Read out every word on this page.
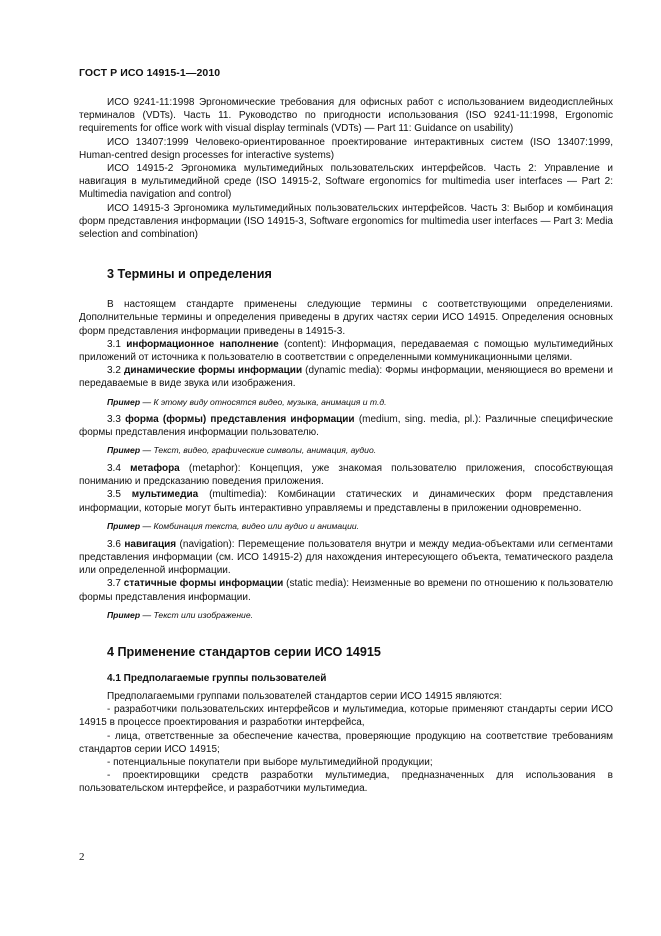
ГОСТ Р ИСО 14915-1—2010

ИСО 9241-11:1998 Эргономические требования для офисных работ с использованием видеодисплейных терминалов (VDTs). Часть 11. Руководство по пригодности использования (ISO 9241-11:1998, Ergonomic requirements for office work with visual display terminals (VDTs) — Part 11: Guidance on usability)

ИСО 13407:1999 Человеко-ориентированное проектирование интерактивных систем (ISO 13407:1999, Human-centred design processes for interactive systems)

ИСО 14915-2 Эргономика мультимедийных пользовательских интерфейсов. Часть 2: Управление и навигация в мультимедийной среде (ISO 14915-2, Software ergonomics for multimedia user interfaces — Part 2: Multimedia navigation and control)

ИСО 14915-3 Эргономика мультимедийных пользовательских интерфейсов. Часть 3: Выбор и комбинация форм представления информации (ISO 14915-3, Software ergonomics for multimedia user interfaces — Part 3: Media selection and combination)

3 Термины и определения

В настоящем стандарте применены следующие термины с соответствующими определениями. Дополнительные термины и определения приведены в других частях серии ИСО 14915. Определения основных форм представления информации приведены в 14915-3.

3.1 информационное наполнение (content): Информация, передаваемая с помощью мультимедийных приложений от источника к пользователю в соответствии с определенными коммуникационными целями.

3.2 динамические формы информации (dynamic media): Формы информации, меняющиеся во времени и передаваемые в виде звука или изображения.

Пример — К этому виду относятся видео, музыка, анимация и т.д.

3.3 форма (формы) представления информации (medium, sing. media, pl.): Различные специфические формы представления информации пользователю.

Пример — Текст, видео, графические символы, анимация, аудио.

3.4 метафора (metaphor): Концепция, уже знакомая пользователю приложения, способствующая пониманию и предсказанию поведения приложения.

3.5 мультимедиа (multimedia): Комбинации статических и динамических форм представления информации, которые могут быть интерактивно управляемы и представлены в приложении одновременно.

Пример — Комбинация текста, видео или аудио и анимации.

3.6 навигация (navigation): Перемещение пользователя внутри и между медиа-объектами или сегментами представления информации (см. ИСО 14915-2) для нахождения интересующего объекта, тематического раздела или определенной информации.

3.7 статичные формы информации (static media): Неизменные во времени по отношению к пользователю формы представления информации.

Пример — Текст или изображение.

4 Применение стандартов серии ИСО 14915
4.1 Предполагаемые группы пользователей

Предполагаемыми группами пользователей стандартов серии ИСО 14915 являются:

- разработчики пользовательских интерфейсов и мультимедиа, которые применяют стандарты серии ИСО 14915 в процессе проектирования и разработки интерфейса,

- лица, ответственные за обеспечение качества, проверяющие продукцию на соответствие требованиям стандартов серии ИСО 14915;

- потенциальные покупатели при выборе мультимедийной продукции;

- проектировщики средств разработки мультимедиа, предназначенных для использования в пользовательском интерфейсе, и разработчики мультимедиа.

2
